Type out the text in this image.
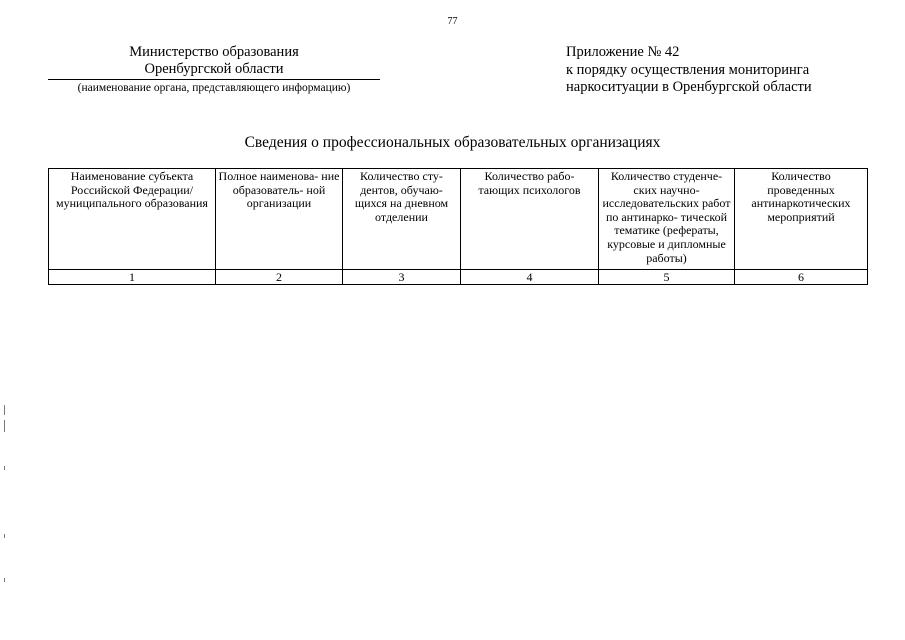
77
Министерство образования
Оренбургской области
(наименование органа, представляющего информацию)
Приложение № 42
к порядку осуществления мониторинга
наркоситуации в Оренбургской области
Сведения о профессиональных образовательных организациях
Наименование субъекта Российской Федерации/ муниципального образования	Полное наименова- ние образователь- ной организации	Количество сту- дентов, обучаю- щихся на дневном отделении	Количество рабо- тающих психологов	Количество студенче- ских научно- исследовательских работ по антинарко- тической тематике (рефераты, курсовые и дипломные работы)	Количество проведенных антинаркотических мероприятий
1	2	3	4	5	6
